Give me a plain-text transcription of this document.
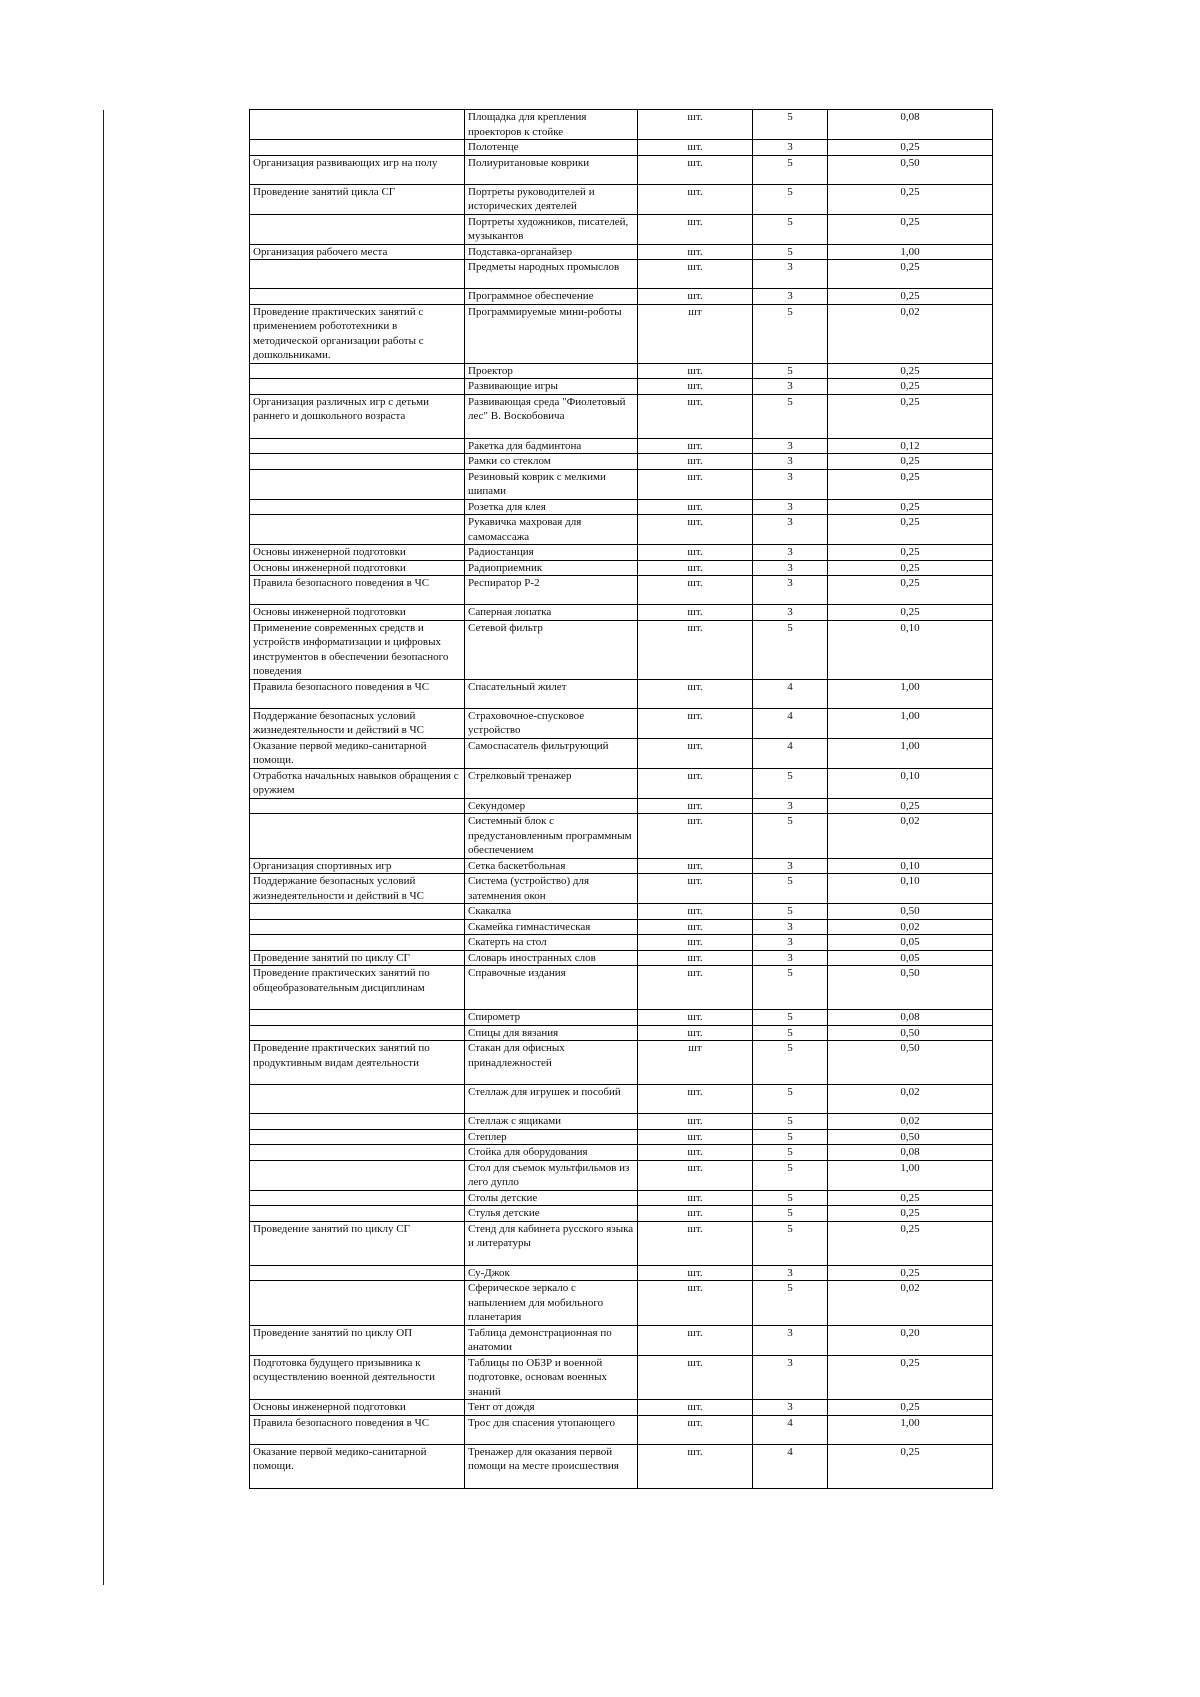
	Площадка для крепления проекторов к стойке	шт.	5	0,08
	Полотенце	шт.	3	0,25
Организация развивающих игр на полу	Полиуритановые коврики	шт.	5	0,50
Проведение занятий цикла СГ	Портреты руководителей и исторических деятелей	шт.	5	0,25
	Портреты художников, писателей, музыкантов	шт.	5	0,25
Организация рабочего места	Подставка-органайзер	шт.	5	1,00
	Предметы народных промыслов	шт.	3	0,25
	Программное обеспечение	шт.	3	0,25
Проведение практических занятий с применением робототехники в методической организации работы с дошкольниками.	Программируемые мини-роботы	шт	5	0,02
	Проектор	шт.	5	0,25
	Развивающие игры	шт.	3	0,25
Организация различных игр с детьми раннего и дошкольного возраста	Развивающая среда "Фиолетовый лес" В. Воскобовича	шт.	5	0,25
	Ракетка для бадминтона	шт.	3	0,12
	Рамки со стеклом	шт.	3	0,25
	Резиновый коврик с мелкими шипами	шт.	3	0,25
	Розетка для клея	шт.	3	0,25
	Рукавичка махровая для самомассажа	шт.	3	0,25
Основы инженерной подготовки	Радиостанция	шт.	3	0,25
Основы инженерной подготовки	Радиоприемник	шт.	3	0,25
Правила безопасного поведения в ЧС	Респиратор Р-2	шт.	3	0,25
Основы инженерной подготовки	Саперная лопатка	шт.	3	0,25
Применение современных средств и устройств информатизации и цифровых инструментов в обеспечении безопасного поведения	Сетевой фильтр	шт.	5	0,10
Правила безопасного поведения в ЧС	Спасательный жилет	шт.	4	1,00
Поддержание безопасных условий жизнедеятельности и действий в ЧС	Страховочное-спусковое устройство	шт.	4	1,00
Оказание первой медико-санитарной помощи.	Самоспасатель фильтрующий	шт.	4	1,00
Отработка начальных навыков обращения с оружием	Стрелковый тренажер	шт.	5	0,10
	Секундомер	шт.	3	0,25
	Системный блок с предустановленным программным обеспечением	шт.	5	0,02
Организация спортивных игр	Сетка баскетбольная	шт.	3	0,10
Поддержание безопасных условий жизнедеятельности и действий в ЧС	Система (устройство) для затемнения окон	шт.	5	0,10
	Скакалка	шт.	5	0,50
	Скамейка гимнастическая	шт.	3	0,02
	Скатерть на стол	шт.	3	0,05
Проведение занятий по циклу СГ	Словарь иностранных слов	шт.	3	0,05
Проведение практических занятий по общеобразовательным дисциплинам	Справочные издания	шт.	5	0,50
	Спирометр	шт.	5	0,08
	Спицы для вязания	шт.	5	0,50
Проведение практических занятий по продуктивным видам деятельности	Стакан для офисных принадлежностей	шт	5	0,50
	Стеллаж для игрушек и пособий	шт.	5	0,02
	Стеллаж с ящиками	шт.	5	0,02
	Степлер	шт.	5	0,50
	Стойка для оборудования	шт.	5	0,08
	Стол для съемок мультфильмов из лего дупло	шт.	5	1,00
	Столы детские	шт.	5	0,25
	Стулья детские	шт.	5	0,25
Проведение занятий по циклу СГ	Стенд для кабинета русского языка и литературы	шт.	5	0,25
	Су-Джок	шт.	3	0,25
	Сферическое зеркало с напылением для мобильного планетария	шт.	5	0,02
Проведение занятий по циклу ОП	Таблица демонстрационная по анатомии	шт.	3	0,20
Подготовка будущего призывника к осуществлению военной деятельности	Таблицы по ОБЗР и военной подготовке, основам военных знаний	шт.	3	0,25
Основы инженерной подготовки	Тент от дождя	шт.	3	0,25
Правила безопасного поведения в ЧС	Трос для спасения утопающего	шт.	4	1,00
Оказание первой медико-санитарной помощи.	Тренажер для оказания первой помощи на месте происшествия	шт.	4	0,25
